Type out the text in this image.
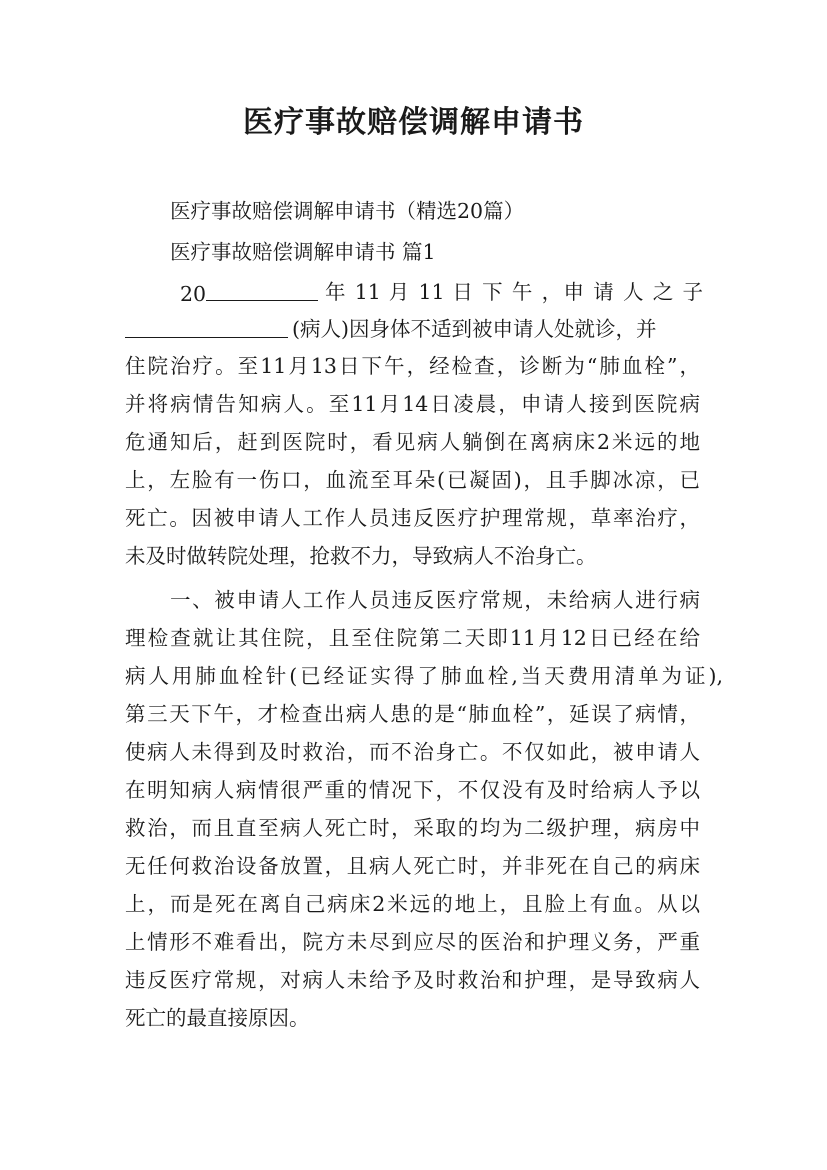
医疗事故赔偿调解申请书
医疗事故赔偿调解申请书（精选20篇）
医疗事故赔偿调解申请书 篇1
20	年 11 月 11 日 下 午 ，申 请 人 之 子
(病人)因身体不适到被申请人处就诊，并
住院治疗。至11月13日下午，经检查，诊断为“肺血栓”，
并将病情告知病人。至11月14日凌晨，申请人接到医院病
危通知后，赶到医院时，看见病人躺倒在离病床2米远的地
上，左脸有一伤口，血流至耳朵(已凝固)，且手脚冰凉，已
死亡。因被申请人工作人员违反医疗护理常规，草率治疗，
未及时做转院处理，抢救不力，导致病人不治身亡。
一、被申请人工作人员违反医疗常规，未给病人进行病
理检查就让其住院，且至住院第二天即11月12日已经在给
病人用肺血栓针(已经证实得了肺血栓,当天费用清单为证),
第三天下午，才检查出病人患的是“肺血栓”，延误了病情，
使病人未得到及时救治，而不治身亡。不仅如此，被申请人
在明知病人病情很严重的情况下，不仅没有及时给病人予以
救治，而且直至病人死亡时，采取的均为二级护理，病房中
无任何救治设备放置，且病人死亡时，并非死在自己的病床
上，而是死在离自己病床2米远的地上，且脸上有血。从以
上情形不难看出，院方未尽到应尽的医治和护理义务，严重
违反医疗常规，对病人未给予及时救治和护理，是导致病人
死亡的最直接原因。
